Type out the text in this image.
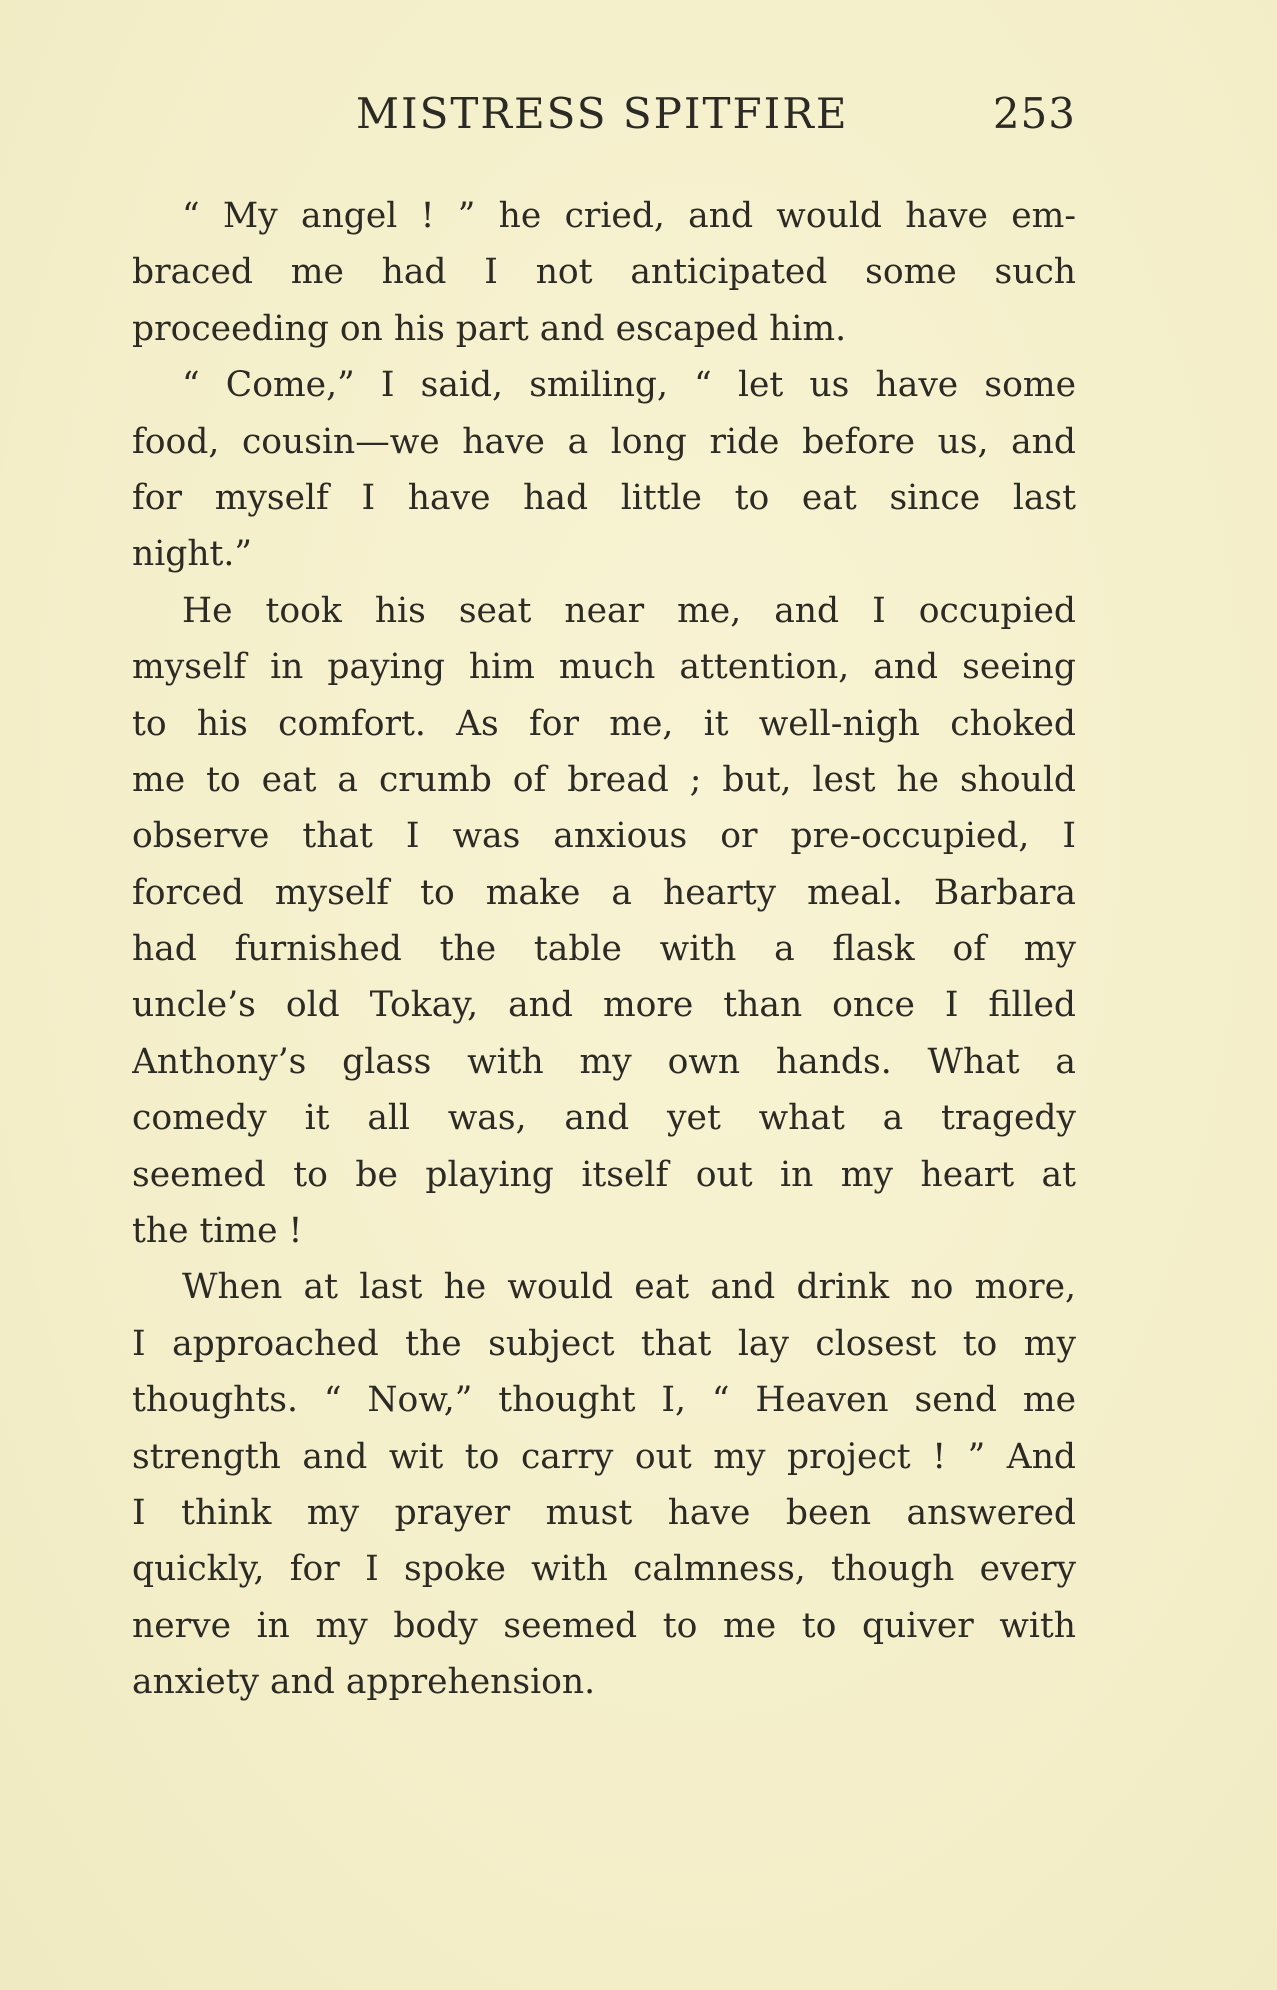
MISTRESS SPITFIRE	253
“ My angel ! ” he cried, and would have em-
braced me had I not anticipated some such
proceeding on his part and escaped him.
“ Come,” I said, smiling, “ let us have some
food, cousin—we have a long ride before us, and
for myself I have had little to eat since last
night.”
He took his seat near me, and I occupied
myself in paying him much attention, and seeing
to his comfort. As for me, it well-nigh choked
me to eat a crumb of bread ; but, lest he should
observe that I was anxious or pre-occupied, I
forced myself to make a hearty meal. Barbara
had furnished the table with a flask of my
uncle’s old Tokay, and more than once I filled
Anthony’s glass with my own hands. What a
comedy it all was, and yet what a tragedy
seemed to be playing itself out in my heart at
the time !
When at last he would eat and drink no more,
I approached the subject that lay closest to my
thoughts. “ Now,” thought I, “ Heaven send me
strength and wit to carry out my project ! ” And
I think my prayer must have been answered
quickly, for I spoke with calmness, though every
nerve in my body seemed to me to quiver with
anxiety and apprehension.
